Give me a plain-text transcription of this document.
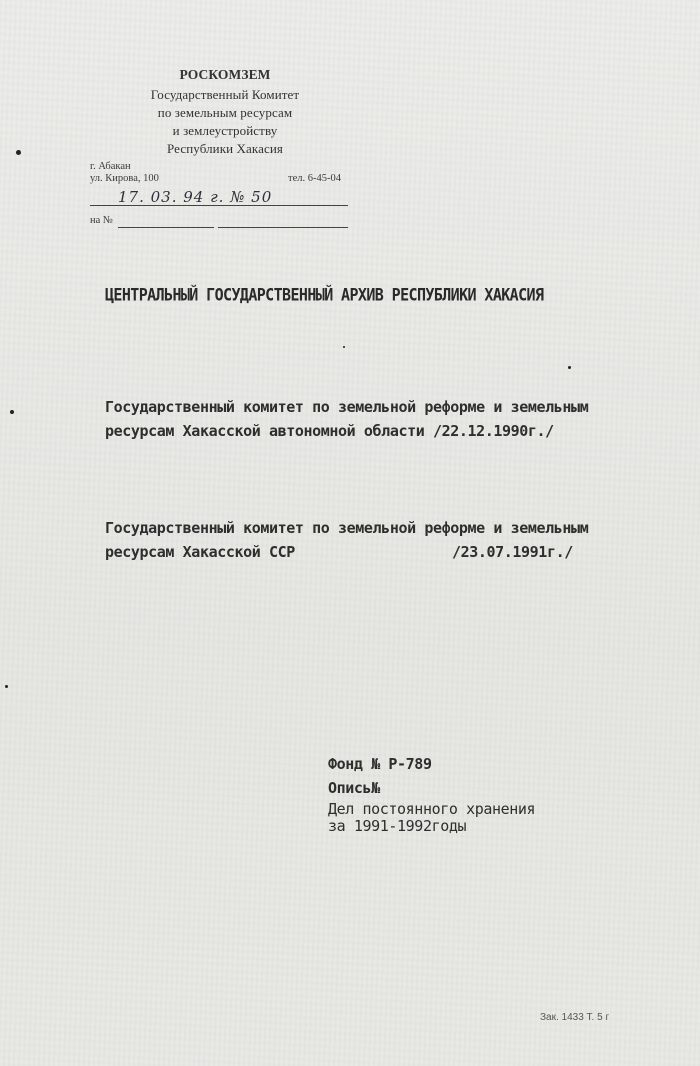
РОСКОМЗЕМ
Государственный Комитет
по земельным ресурсам
и землеустройству
Республики Хакасия
г. Абакан
ул. Кирова, 100	тел. 6-45-04
17. 03. 94 г. № 50
на №
ЦЕНТРАЛЬНЫЙ ГОСУДАРСТВЕННЫЙ АРХИВ РЕСПУБЛИКИ ХАКАСИЯ
Государственный комитет по земельной реформе и земельным
ресурсам Хакасской автономной области /22.12.1990г./
Государственный комитет по земельной реформе и земельным
ресурсам Хакасской ССР	/23.07.1991г./
Фонд № Р-789
Опись№
Дел постоянного хранения
за 1991-1992годы
Зак. 1433 Т. 5 г
